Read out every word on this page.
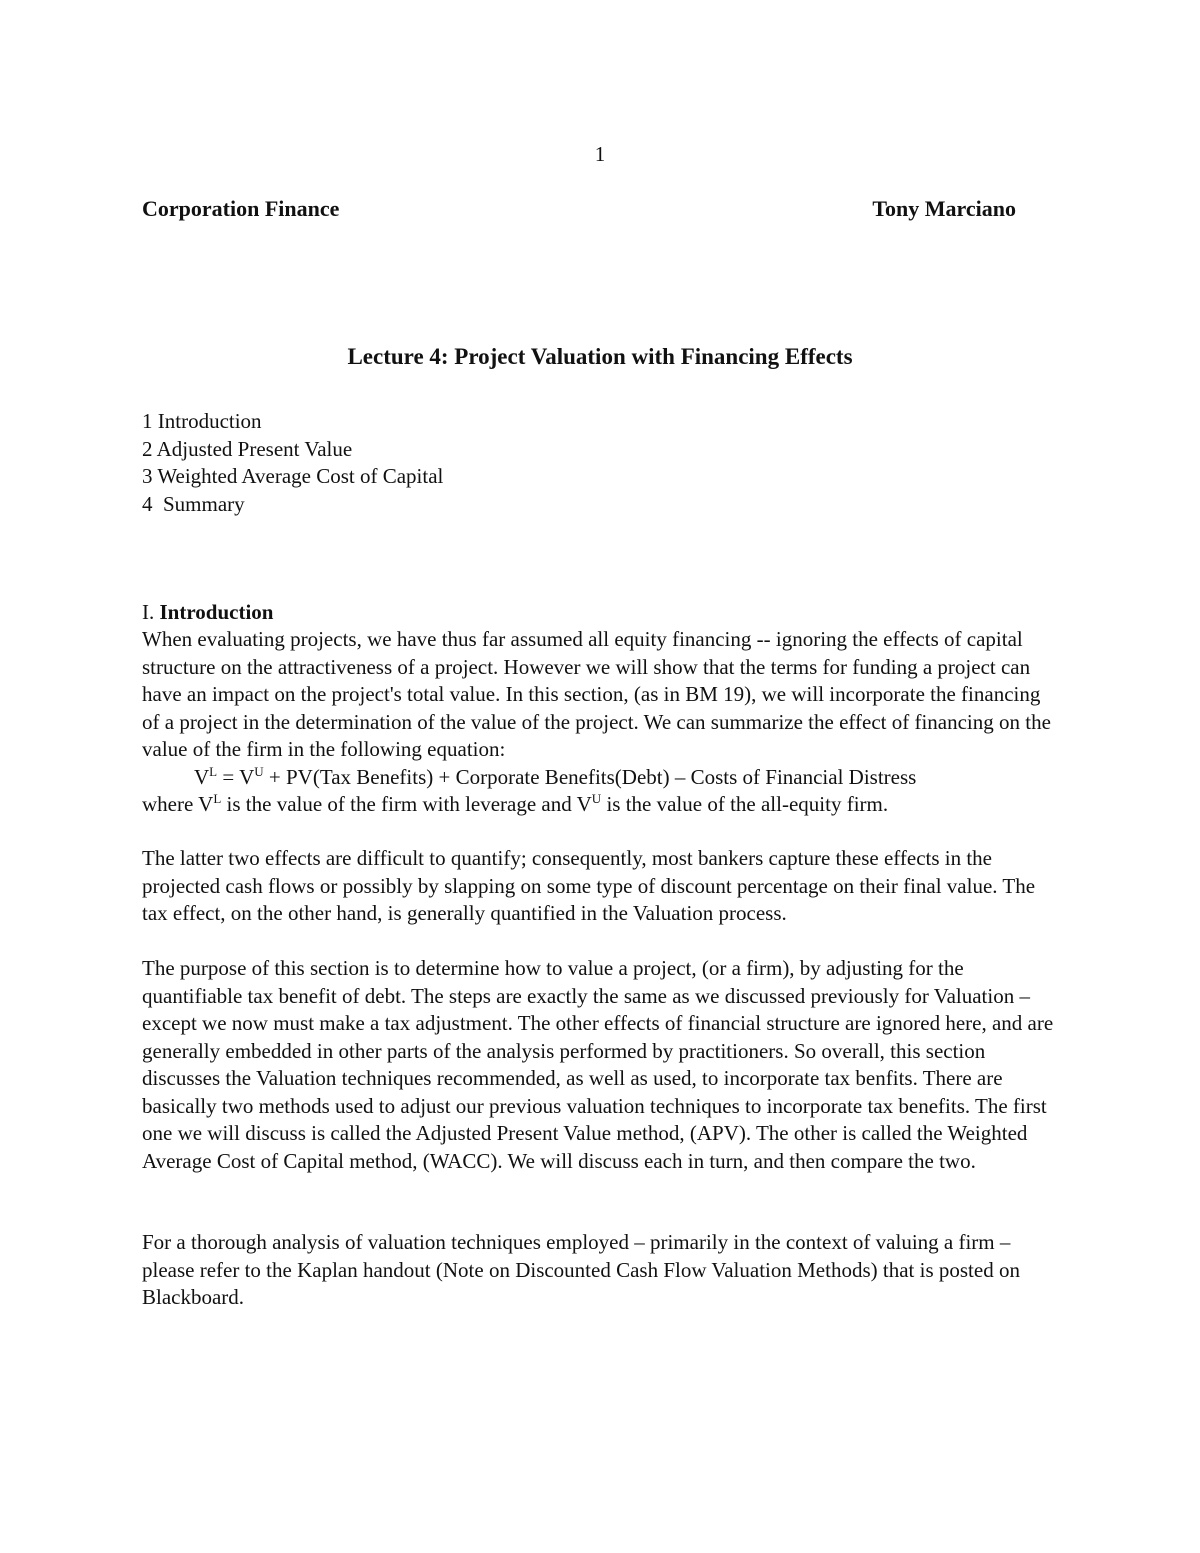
1
Corporation Finance	Tony Marciano
Lecture 4: Project Valuation with Financing Effects
1 Introduction
2 Adjusted Present Value
3 Weighted Average Cost of Capital
4  Summary
I. Introduction
When evaluating projects, we have thus far assumed all equity financing -- ignoring the effects of capital structure on the attractiveness of a project. However we will show that the terms for funding a project can have an impact on the project's total value. In this section, (as in BM 19), we will incorporate the financing of a project in the determination of the value of the project. We can summarize the effect of financing on the value of the firm in the following equation:
$V^L = V^U + PV(Tax$ Benefits) + Corporate Benefits(Debt) – Costs of Financial Distress
where $V^L$ is the value of the firm with leverage and $V^U$ is the value of the all-equity firm.
The latter two effects are difficult to quantify; consequently, most bankers capture these effects in the projected cash flows or possibly by slapping on some type of discount percentage on their final value. The tax effect, on the other hand, is generally quantified in the Valuation process.
The purpose of this section is to determine how to value a project, (or a firm), by adjusting for the quantifiable tax benefit of debt. The steps are exactly the same as we discussed previously for Valuation – except we now must make a tax adjustment. The other effects of financial structure are ignored here, and are generally embedded in other parts of the analysis performed by practitioners. So overall, this section discusses the Valuation techniques recommended, as well as used, to incorporate tax benfits. There are basically two methods used to adjust our previous valuation techniques to incorporate tax benefits. The first one we will discuss is called the Adjusted Present Value method, (APV). The other is called the Weighted Average Cost of Capital method, (WACC). We will discuss each in turn, and then compare the two.
For a thorough analysis of valuation techniques employed – primarily in the context of valuing a firm – please refer to the Kaplan handout (Note on Discounted Cash Flow Valuation Methods) that is posted on Blackboard.
